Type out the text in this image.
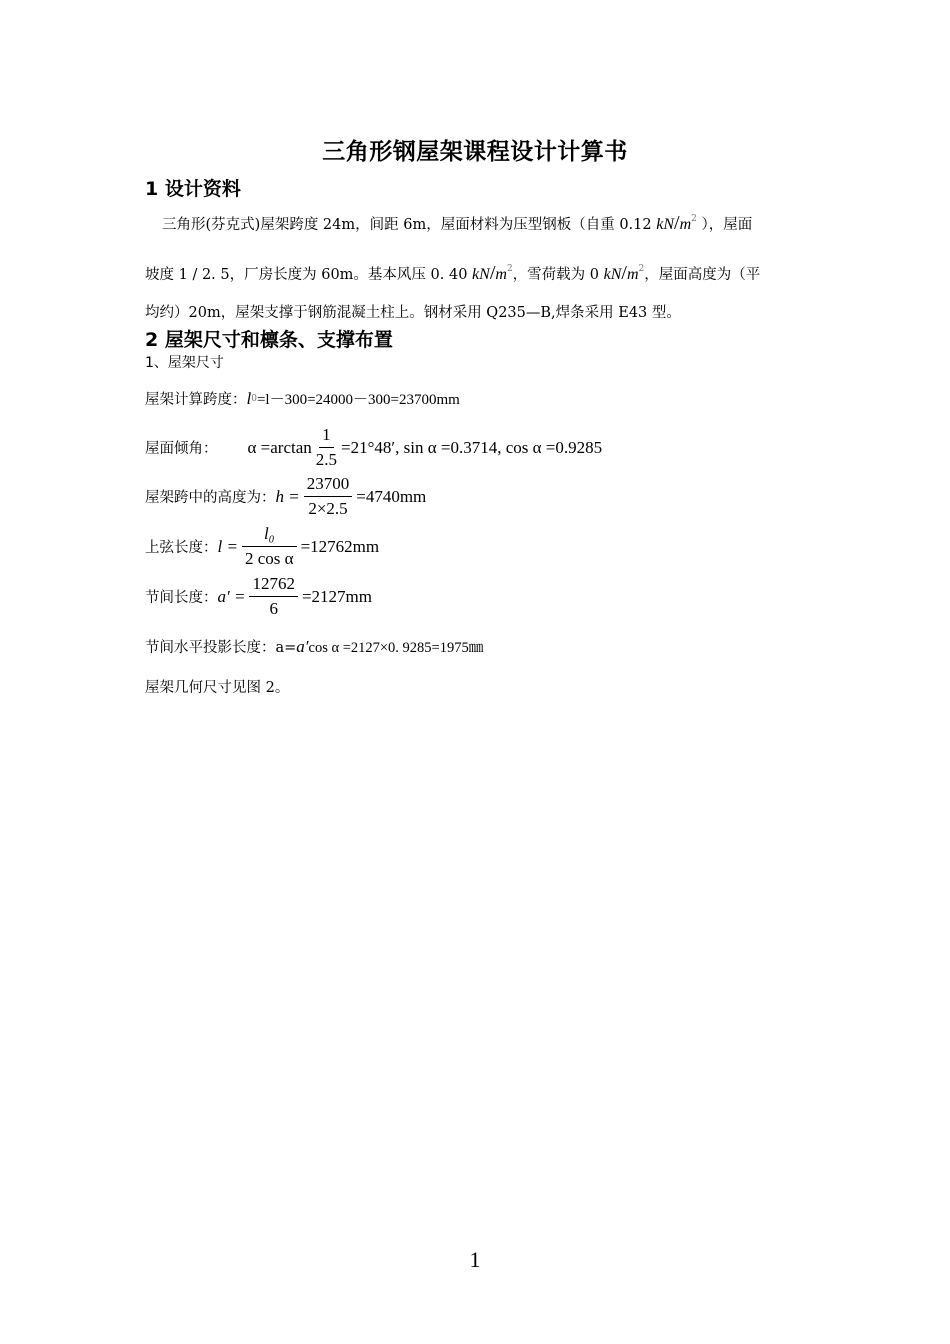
三角形钢屋架课程设计计算书
1 设计资料
三角形(芬克式)屋架跨度 24m，间距 6m，屋面材料为压型钢板（自重 0.12 $kN/m^2$ ），屋面
坡度 1 / 2. 5，厂房长度为 60m。基本风压 0. 40 $kN/m^2$，雪荷载为 0 $kN/m^2$，屋面高度为（平
均约）20m，屋架支撑于钢筋混凝土柱上。钢材采用 Q235—B,焊条采用 E43 型。
2 屋架尺寸和檩条、支撑布置
1、屋架尺寸
屋架计算跨度： l 0 =l－300=24000－300=23700mm
屋面倾角： $\alpha =\arctan \frac{1}{2.5} =21^\circ 48'$, sin α =0.3714, cos α =0.9285
屋架跨中的高度为： $h = \frac{23700}{2\times 2.5} =4740mm$
上弦长度： $l = \frac{\text{l₀}}{\text{2 cos α}} =12762mm$
节间长度： $a' = \frac{12762}{6} =2127mm$
节间水平投影长度：a= a′ cos α =2127×0. 9285=1975㎜
屋架几何尺寸见图 2。
1
